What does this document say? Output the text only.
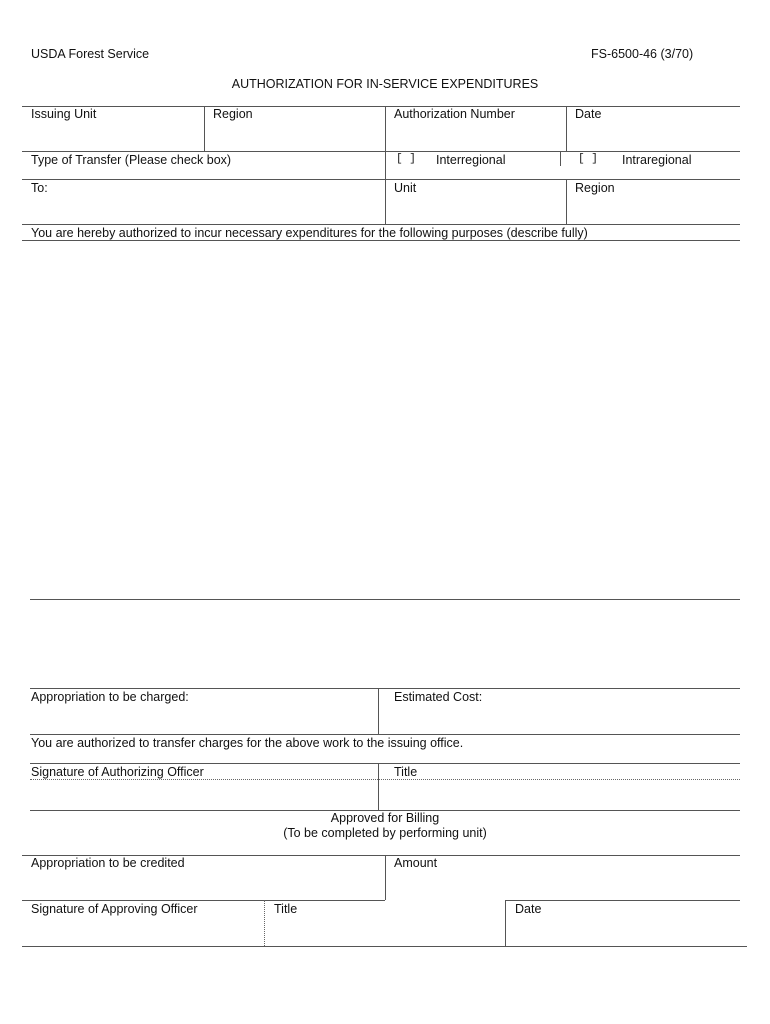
USDA Forest Service	FS-6500-46 (3/70)
AUTHORIZATION FOR IN-SERVICE EXPENDITURES
Issuing Unit	Region	Authorization Number	Date
Type of Transfer (Please check box)	[ ] Interregional	[ ] Intraregional
To:	Unit	Region
You are hereby authorized to incur necessary expenditures for the following purposes (describe fully)
Appropriation to be charged:	Estimated Cost:
You are authorized to transfer charges for the above work to the issuing office.
Signature of Authorizing Officer	Title
Approved for Billing
(To be completed by performing unit)
Appropriation to be credited	Amount
Signature of Approving Officer	Title	Date
